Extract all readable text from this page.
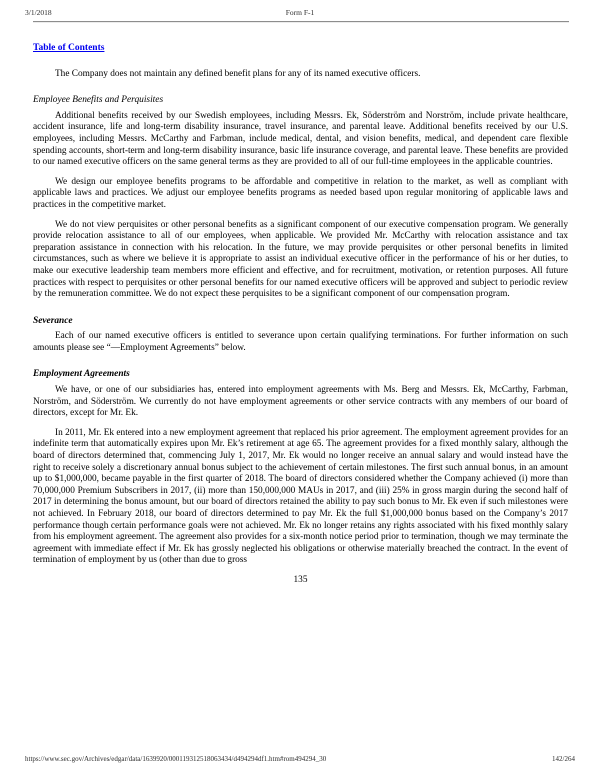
3/1/2018	Form F-1
Table of Contents

The Company does not maintain any defined benefit plans for any of its named executive officers.

Employee Benefits and Perquisites

Additional benefits received by our Swedish employees, including Messrs. Ek, Söderström and Norström, include private healthcare, accident insurance, life and long-term disability insurance, travel insurance, and parental leave. Additional benefits received by our U.S. employees, including Messrs. McCarthy and Farbman, include medical, dental, and vision benefits, medical, and dependent care flexible spending accounts, short-term and long-term disability insurance, basic life insurance coverage, and parental leave. These benefits are provided to our named executive officers on the same general terms as they are provided to all of our full-time employees in the applicable countries.

We design our employee benefits programs to be affordable and competitive in relation to the market, as well as compliant with applicable laws and practices. We adjust our employee benefits programs as needed based upon regular monitoring of applicable laws and practices in the competitive market.

We do not view perquisites or other personal benefits as a significant component of our executive compensation program. We generally provide relocation assistance to all of our employees, when applicable. We provided Mr. McCarthy with relocation assistance and tax preparation assistance in connection with his relocation. In the future, we may provide perquisites or other personal benefits in limited circumstances, such as where we believe it is appropriate to assist an individual executive officer in the performance of his or her duties, to make our executive leadership team members more efficient and effective, and for recruitment, motivation, or retention purposes. All future practices with respect to perquisites or other personal benefits for our named executive officers will be approved and subject to periodic review by the remuneration committee. We do not expect these perquisites to be a significant component of our compensation program.

Severance

Each of our named executive officers is entitled to severance upon certain qualifying terminations. For further information on such amounts please see “—Employment Agreements” below.

Employment Agreements

We have, or one of our subsidiaries has, entered into employment agreements with Ms. Berg and Messrs. Ek, McCarthy, Farbman, Norström, and Söderström. We currently do not have employment agreements or other service contracts with any members of our board of directors, except for Mr. Ek.

In 2011, Mr. Ek entered into a new employment agreement that replaced his prior agreement. The employment agreement provides for an indefinite term that automatically expires upon Mr. Ek’s retirement at age 65. The agreement provides for a fixed monthly salary, although the board of directors determined that, commencing July 1, 2017, Mr. Ek would no longer receive an annual salary and would instead have the right to receive solely a discretionary annual bonus subject to the achievement of certain milestones. The first such annual bonus, in an amount up to $1,000,000, became payable in the first quarter of 2018. The board of directors considered whether the Company achieved (i) more than 70,000,000 Premium Subscribers in 2017, (ii) more than 150,000,000 MAUs in 2017, and (iii) 25% in gross margin during the second half of 2017 in determining the bonus amount, but our board of directors retained the ability to pay such bonus to Mr. Ek even if such milestones were not achieved. In February 2018, our board of directors determined to pay Mr. Ek the full $1,000,000 bonus based on the Company’s 2017 performance though certain performance goals were not achieved. Mr. Ek no longer retains any rights associated with his fixed monthly salary from his employment agreement. The agreement also provides for a six-month notice period prior to termination, though we may terminate the agreement with immediate effect if Mr. Ek has grossly neglected his obligations or otherwise materially breached the contract. In the event of termination of employment by us (other than due to gross

135
https://www.sec.gov/Archives/edgar/data/1639920/000119312518063434/d494294df1.htm#rom494294_30	142/264
